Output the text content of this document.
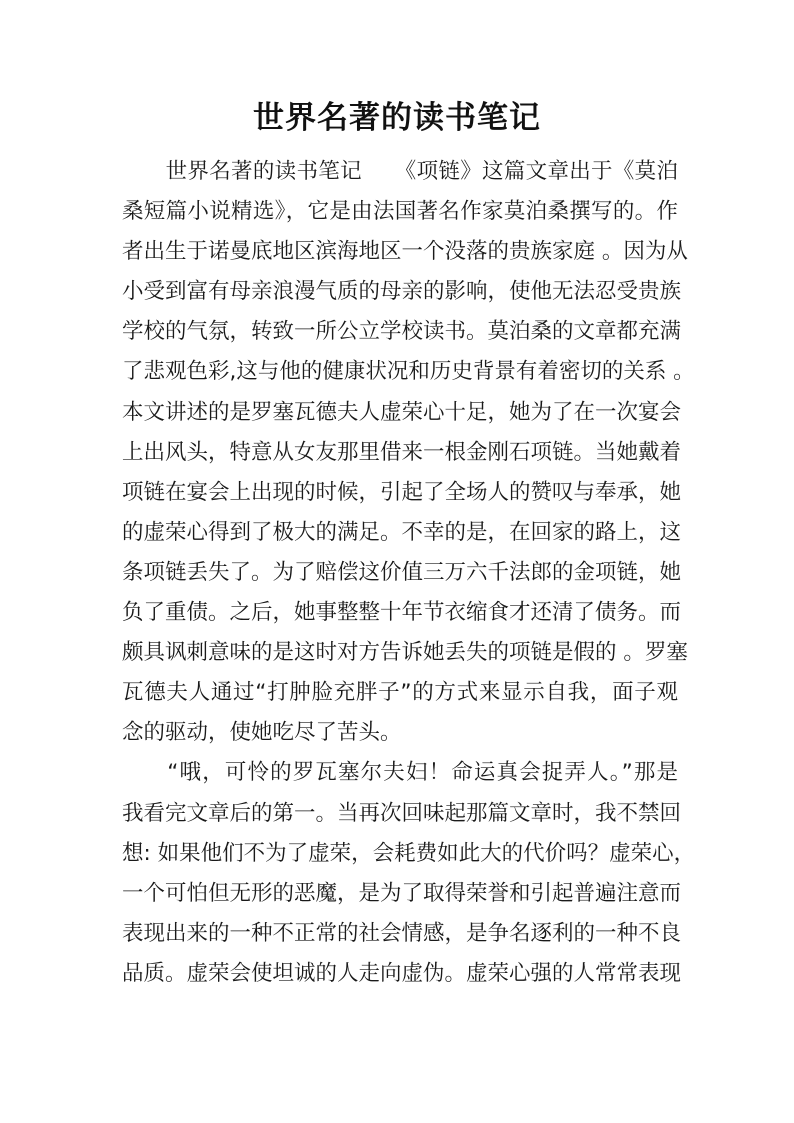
世界名著的读书笔记
　　世界名著的读书笔记　　《项链》这篇文章出于《莫泊
桑短篇小说精选》，它是由法国著名作家莫泊桑撰写的。作
者出生于诺曼底地区滨海地区一个没落的贵族家庭 。因为从
小受到富有母亲浪漫气质的母亲的影响，使他无法忍受贵族
学校的气氛，转致一所公立学校读书。莫泊桑的文章都充满
了悲观色彩,这与他的健康状况和历史背景有着密切的关系 。
本文讲述的是罗塞瓦德夫人虚荣心十足，她为了在一次宴会
上出风头，特意从女友那里借来一根金刚石项链。当她戴着
项链在宴会上出现的时候，引起了全场人的赞叹与奉承，她
的虚荣心得到了极大的满足。不幸的是，在回家的路上，这
条项链丢失了。为了赔偿这价值三万六千法郎的金项链，她
负了重债。之后，她事整整十年节衣缩食才还清了债务。而
颇具讽刺意味的是这时对方告诉她丢失的项链是假的 。罗塞
瓦德夫人通过“打肿脸充胖子”的方式来显示自我，面子观
念的驱动，使她吃尽了苦头。
　　“哦，可怜的罗瓦塞尔夫妇！命运真会捉弄人。”那是
我看完文章后的第一。当再次回味起那篇文章时，我不禁回
想: 如果他们不为了虚荣，会耗费如此大的代价吗？虚荣心，
一个可怕但无形的恶魔，是为了取得荣誉和引起普遍注意而
表现出来的一种不正常的社会情感，是争名逐利的一种不良
品质。虚荣会使坦诚的人走向虚伪。虚荣心强的人常常表现
